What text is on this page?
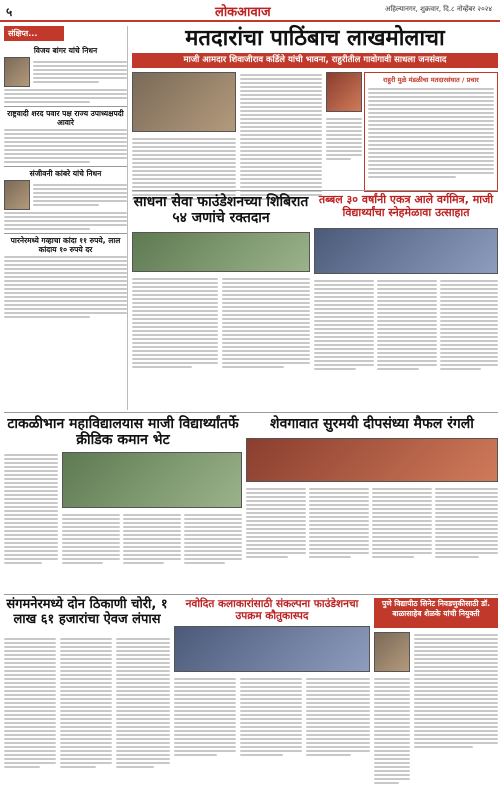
५	लोकआवाज	अहिल्यानगर, शुक्रवार, दि.८ नोव्हेंबर २०२४
संक्षिप्त...
विजय बांगर यांचे निधन
राष्ट्रवादी शरद पवार पक्ष राज्य उपाध्यक्षपदी आवारे
संजीवनी कांबरे यांचे निधन
पारनेरमध्ये गव्हाचा कांदा ११ रुपये, लाल कांदाय १० रुपये दर
मतदारांचा पाठिंबाच लाखमोलाचा
माजी आमदार शिवाजीराव कर्डिले यांची भावना, राहुरीतील गावोगावी साधला जनसंवाद
राहुरी मुळे मंडळीचा मतदारसंघात / प्रचार
साधना सेवा फाउंडेशनच्या शिबिरात ५४ जणांचे रक्तदान
तब्बल ३० वर्षांनी एकत्र आले वर्गमित्र, माजी विद्यार्थ्यांचा स्नेहमेळावा उत्साहात
टाकळीभान महाविद्यालयास माजी विद्यार्थ्यांतर्फे क्रीडिक कमान भेट
शेवगावात सुरमयी दीपसंध्या मैफल रंगली
संगमनेरमध्ये दोन ठिकाणी चोरी, १ लाख ६१ हजारांचा ऐवज लंपास
नवोदित कलाकारांसाठी संकल्पना फाउंडेशनचा उपक्रम कौतुकास्पद
पुणे विद्यापीठ सिनेट निवडणुकीसाठी डॉ. बाळासाहेब शेळके यांची नियुक्ती
